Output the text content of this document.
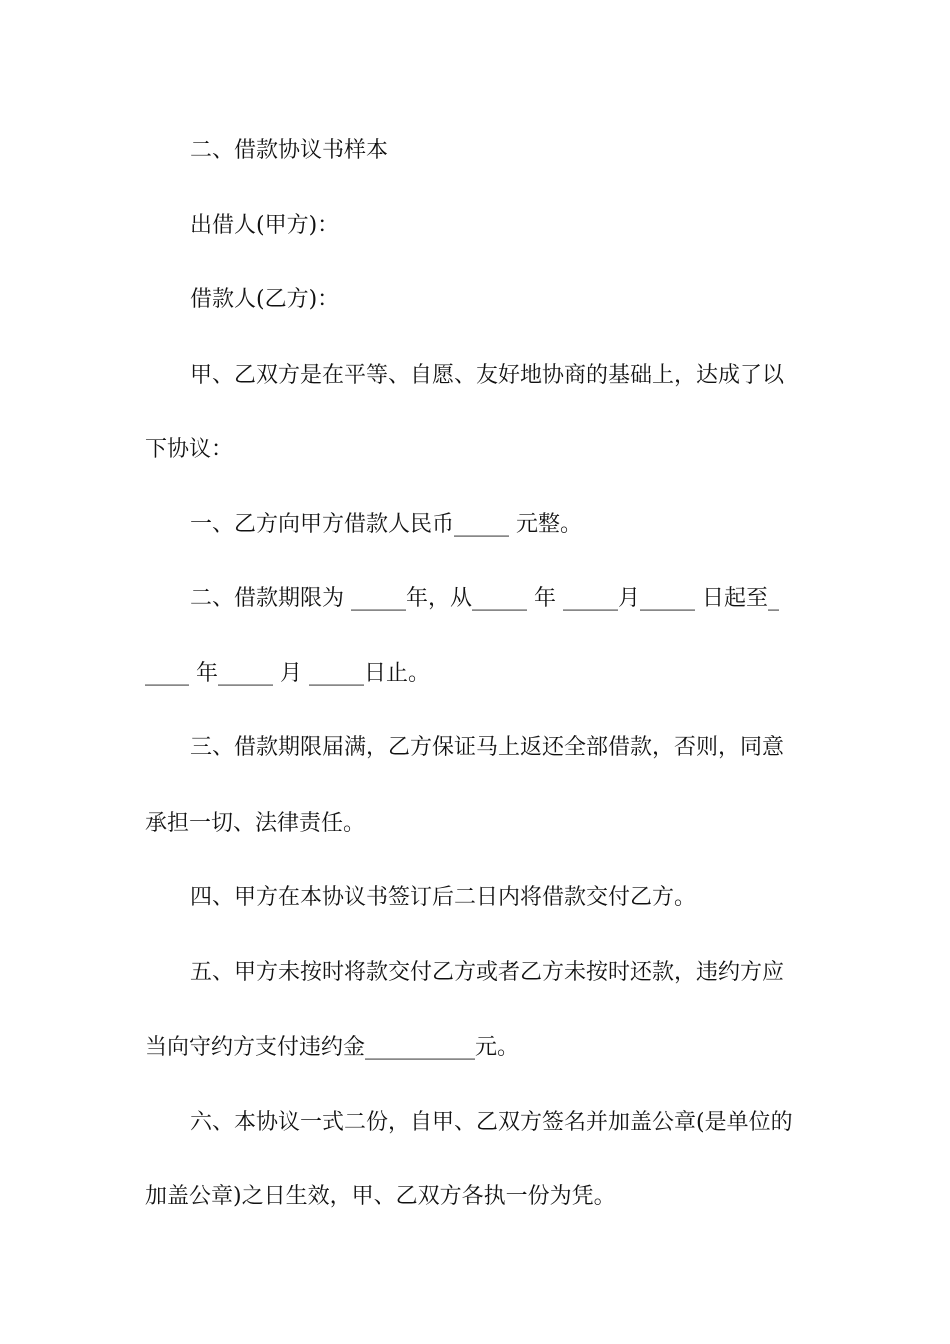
二、借款协议书样本
出借人(甲方)：
借款人(乙方)：
甲、乙双方是在平等、自愿、友好地协商的基础上，达成了以
下协议：
一、乙方向甲方借款人民币_____ 元整。
二、借款期限为 _____年，从_____ 年 _____月_____ 日起至_
____ 年_____ 月 _____日止。
三、借款期限届满，乙方保证马上返还全部借款，否则，同意
承担一切、法律责任。
四、甲方在本协议书签订后二日内将借款交付乙方。
五、甲方未按时将款交付乙方或者乙方未按时还款，违约方应
当向守约方支付违约金__________元。
六、本协议一式二份，自甲、乙双方签名并加盖公章(是单位的
加盖公章)之日生效，甲、乙双方各执一份为凭。
